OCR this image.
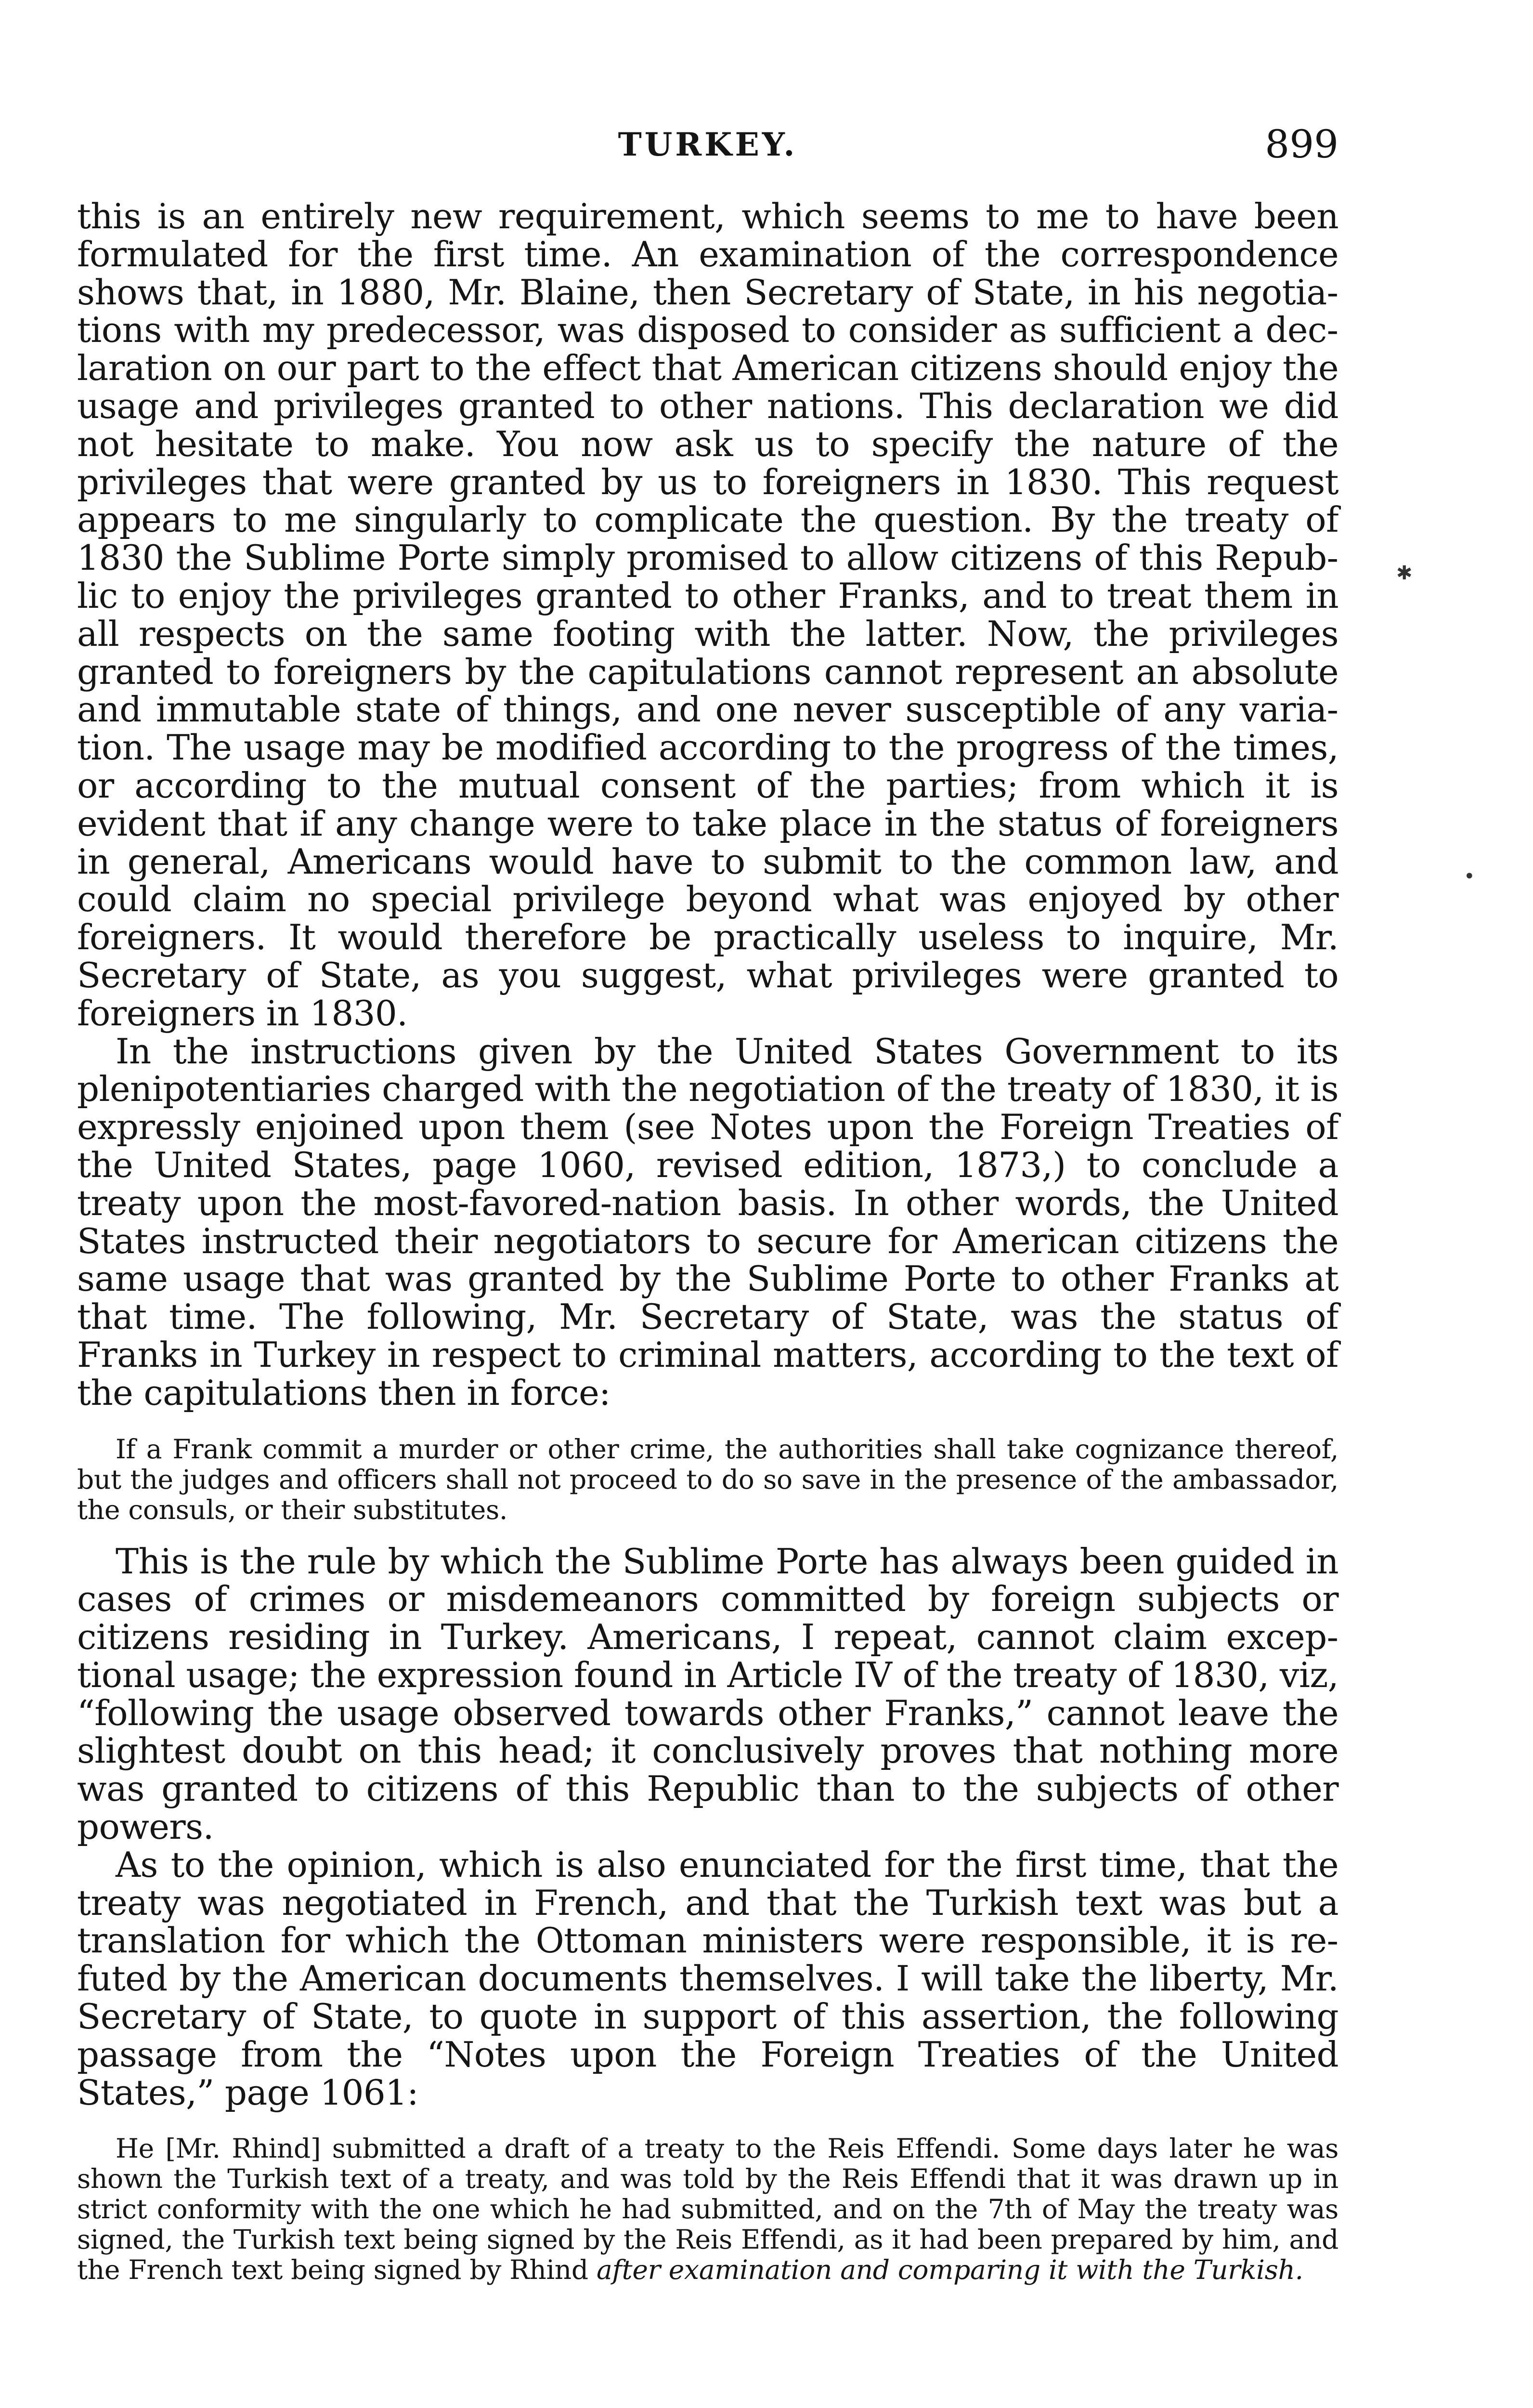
TURKEY.	899

this is an entirely new requirement, which seems to me to have been formulated for the first time. An examination of the correspondence shows that, in 1880, Mr. Blaine, then Secretary of State, in his negotiations with my predecessor, was disposed to consider as sufficient a declaration on our part to the effect that American citizens should enjoy the usage and privileges granted to other nations. This declaration we did not hesitate to make. You now ask us to specify the nature of the privileges that were granted by us to foreigners in 1830. This request appears to me singularly to complicate the question. By the treaty of 1830 the Sublime Porte simply promised to allow citizens of this Republic to enjoy the privileges granted to other Franks, and to treat them in all respects on the same footing with the latter. Now, the privileges granted to foreigners by the capitulations cannot represent an absolute and immutable state of things, and one never susceptible of any variation. The usage may be modified according to the progress of the times, or according to the mutual consent of the parties; from which it is evident that if any change were to take place in the status of foreigners in general, Americans would have to submit to the common law, and could claim no special privilege beyond what was enjoyed by other foreigners. It would therefore be practically useless to inquire, Mr. Secretary of State, as you suggest, what privileges were granted to foreigners in 1830.

In the instructions given by the United States Government to its plenipotentiaries charged with the negotiation of the treaty of 1830, it is expressly enjoined upon them (see Notes upon the Foreign Treaties of the United States, page 1060, revised edition, 1873,) to conclude a treaty upon the most-favored-nation basis. In other words, the United States instructed their negotiators to secure for American citizens the same usage that was granted by the Sublime Porte to other Franks at that time. The following, Mr. Secretary of State, was the status of Franks in Turkey in respect to criminal matters, according to the text of the capitulations then in force:

If a Frank commit a murder or other crime, the authorities shall take cognizance thereof, but the judges and officers shall not proceed to do so save in the presence of the ambassador, the consuls, or their substitutes.

This is the rule by which the Sublime Porte has always been guided in cases of crimes or misdemeanors committed by foreign subjects or citizens residing in Turkey. Americans, I repeat, cannot claim exceptional usage; the expression found in Article IV of the treaty of 1830, viz, “following the usage observed towards other Franks,” cannot leave the slightest doubt on this head; it conclusively proves that nothing more was granted to citizens of this Republic than to the subjects of other powers.

As to the opinion, which is also enunciated for the first time, that the treaty was negotiated in French, and that the Turkish text was but a translation for which the Ottoman ministers were responsible, it is refuted by the American documents themselves. I will take the liberty, Mr. Secretary of State, to quote in support of this assertion, the following passage from the “Notes upon the Foreign Treaties of the United States,” page 1061:

He [Mr. Rhind] submitted a draft of a treaty to the Reis Effendi. Some days later he was shown the Turkish text of a treaty, and was told by the Reis Effendi that it was drawn up in strict conformity with the one which he had submitted, and on the 7th of May the treaty was signed, the Turkish text being signed by the Reis Effendi, as it had been prepared by him, and the French text being signed by Rhind after examination and comparing it with the Turkish.

✱
•
